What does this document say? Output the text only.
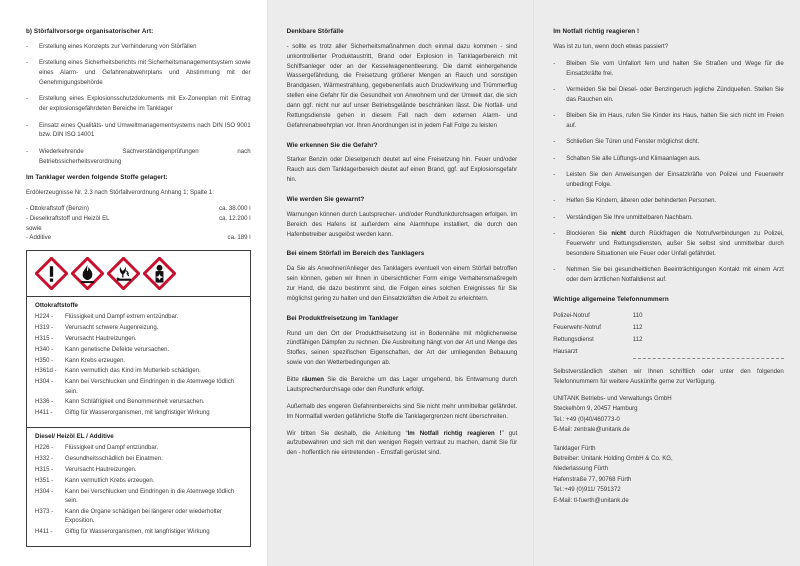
b) Störfallvorsorge organisatorischer Art:
- Erstellung eines Konzepts zur Verhinderung von Störfällen
- Erstellung eines Sicherheitsberichts mit Sicherheitsmanagementsystem sowie eines Alarm- und Gefahrenabwehrplans und Abstimmung mit der Genehmigungsbehörde
- Erstellung eines Explosionsschutzdokuments mit Ex-Zonenplan mit Eintrag der explosionsgefährdeten Bereiche im Tanklager
- Einsatz eines Qualitäts- und Umweltmanagementsystems nach DIN ISO 9001 bzw. DIN ISO 14001
- Wiederkehrende Sachverständigenprüfungen nach Betriebssicherheitsverordnung
Im Tanklager werden folgende Stoffe gelagert:

Erdölerzeugnisse Nr. 2.3 nach Störfallverordnung Anhang 1; Spalte 1:

- Ottokraftstoff (Benzin)	ca. 38.000 l
- Dieselkraftstoff und Heizöl EL	ca. 12.200 l
sowie	
- Additive	ca. 189 l
Ottokraftstoffe
H224 -	Flüssigkeit und Dampf extrem entzündbar.
H319 -	Verursacht schwere Augenreizung.
H315 -	Verursacht Hautreizungen.
H340 -	Kann genetische Defekte verursachen.
H350 -	Kann Krebs erzeugen.
H361d -	Kann vermutlich das Kind im Mutterleib schädigen.
H304 -	Kann bei Verschlucken und Eindringen in die Atemwege tödlich sein.
H336 -	Kann Schläfrigkeit und Benommenheit verursachen.
H411 -	Giftig für Wasserorganismen, mit langfristiger Wirkung
Diesel/ Heizöl EL / Additive
H226 -	Flüssigkeit und Dampf entzündbar.
H332 -	Gesundheitsschädlich bei Einatmen.
H315 -	Verursacht Hautreizungen.
H351 -	Kann vermutlich Krebs erzeugen.
H304 -	Kann bei Verschlucken und Eindringen in die Atemwege tödlich sein.
H373 -	Kann die Organe schädigen bei längerer oder wiederholter Exposition.
H411 -	Giftig für Wasserorganismen, mit langfristiger Wirkung
Denkbare Störfälle

- sollte es trotz aller Sicherheitsmaßnahmen doch einmal dazu kommen - sind unkontrollierter Produktaustritt, Brand oder Explosion in Tanklagerbereich mit Schiffsanleger oder an der Kesselwagenentleerung. Die damit einhergehende Wassergefährdung, die Freisetzung größerer Mengen an Rauch und sonstigen Brandgasen, Wärmestrahlung, gegebenenfalls auch Druckwirkung und Trümmerflug stellen eine Gefahr für die Gesundheit von Anwohnern und der Umwelt dar, die sich dann ggf. nicht nur auf unser Betriebsgelände beschränken lässt. Die Notfall- und Rettungsdienste gehen in diesem Fall nach dem externen Alarm- und Gefahrenabwehrplan vor. Ihren Anordnungen ist in jedem Fall Folge zu leisten

Wie erkennen Sie die Gefahr?

Starker Benzin oder Dieselgeruch deutet auf eine Freisetzung hin. Feuer und/oder Rauch aus dem Tanklagerbereich deutet auf einen Brand, ggf. auf Explosionsgefahr hin.

Wie werden Sie gewarnt?

Warnungen können durch Lautsprecher- und/oder Rundfunkdurchsagen erfolgen. Im Bereich des Hafens ist außerdem eine Alarmhupe installiert, die durch den Hafenbetreiber ausgelöst werden kann.

Bei einem Störfall im Bereich des Tanklagers

Da Sie als Anwohner/Anlieger des Tanklagers eventuell von einem Störfall betroffen sein können, geben wir Ihnen in übersichtlicher Form einige Verhaltensmaßregeln zur Hand, die dazu bestimmt sind, die Folgen eines solchen Ereignisses für Sie möglichst gering zu halten und den Einsatzkräften die Arbeit zu erleichtern.

Bei Produktfreisetzung im Tanklager

Rund um den Ort der Produktfreisetzung ist in Bodennähe mit möglicherweise zündfähigen Dämpfen zu rechnen. Die Ausbreitung hängt von der Art und Menge des Stoffes, seinen spezifischen Eigenschaften, der Art der umliegenden Bebauung sowie von den Wetterbedingungen ab.

Bitte räumen Sie die Bereiche um das Lager umgehend, bis Entwarnung durch Lautsprecherdurchsage oder den Rundfunk erfolgt.

Außerhalb des engeren Gefahrenbereichs sind Sie nicht mehr unmittelbar gefährdet. Im Normalfall werden gefährliche Stoffe die Tanklagergrenzen nicht überschreiten.

Wir bitten Sie deshalb, die Anleitung “Im Notfall richtig reagieren !” gut aufzubewahren und sich mit den wenigen Regeln vertraut zu machen, damit Sie für den - hoffentlich nie eintretenden - Ernstfall gerüstet sind.

Im Notfall richtig reagieren !

Was ist zu tun, wenn doch etwas passiert?

- Bleiben Sie vom Unfallort fern und halten Sie Straßen und Wege für die Einsatzkräfte frei.
- Vermeiden Sie bei Diesel- oder Benzingeruch jegliche Zündquellen. Stellen Sie das Rauchen ein.
- Bleiben Sie im Haus, rufen Sie Kinder ins Haus, halten Sie sich nicht im Freien auf.
- Schließen Sie Türen und Fenster möglichst dicht.
- Schalten Sie alle Lüftungs-und Klimaanlagen aus.
- Leisten Sie den Anweisungen der Einsatzkräfte von Polizei und Feuerwehr unbedingt Folge.
- Helfen Sie Kindern, älteren oder behinderten Personen.
- Verständigen Sie Ihre unmittelbaren Nachbarn.
- Blockieren Sie nicht durch Rückfragen die Notrufverbindungen zu Polizei, Feuerwehr und Rettungsdiensten, außer Sie selbst sind unmittelbar durch besondere Situationen wie Feuer oder Unfall gefährdet.
- Nehmen Sie bei gesundheitlichen Beeinträchtigungen Kontakt mit einem Arzt oder dem ärztlichen Notfalldienst auf.
Wichtige allgemeine Telefonnummern
Polizei-Notruf	110
Feuerwehr-Notruf	112
Rettungsdienst	112
Hausarzt	

Selbstverständlich stehen wir Ihnen schriftlich oder unter den folgenden Telefonnummern für weitere Auskünfte gerne zur Verfügung.

UNITANK Betriebs- und Verwaltungs GmbH
Steckelhörn 9, 20457 Hamburg
Tel.: +49 (0)40/460773-0
E-Mail: zentrale@unitank.de
Tanklager Fürth
Betreiber: Unitank Holding GmbH & Co. KG,
Niederlassung Fürth
Hafenstraße 77, 90768 Fürth
Tel.:+49 (0)911/ 7591372
E-Mail: tl-fuerth@unitank.de
